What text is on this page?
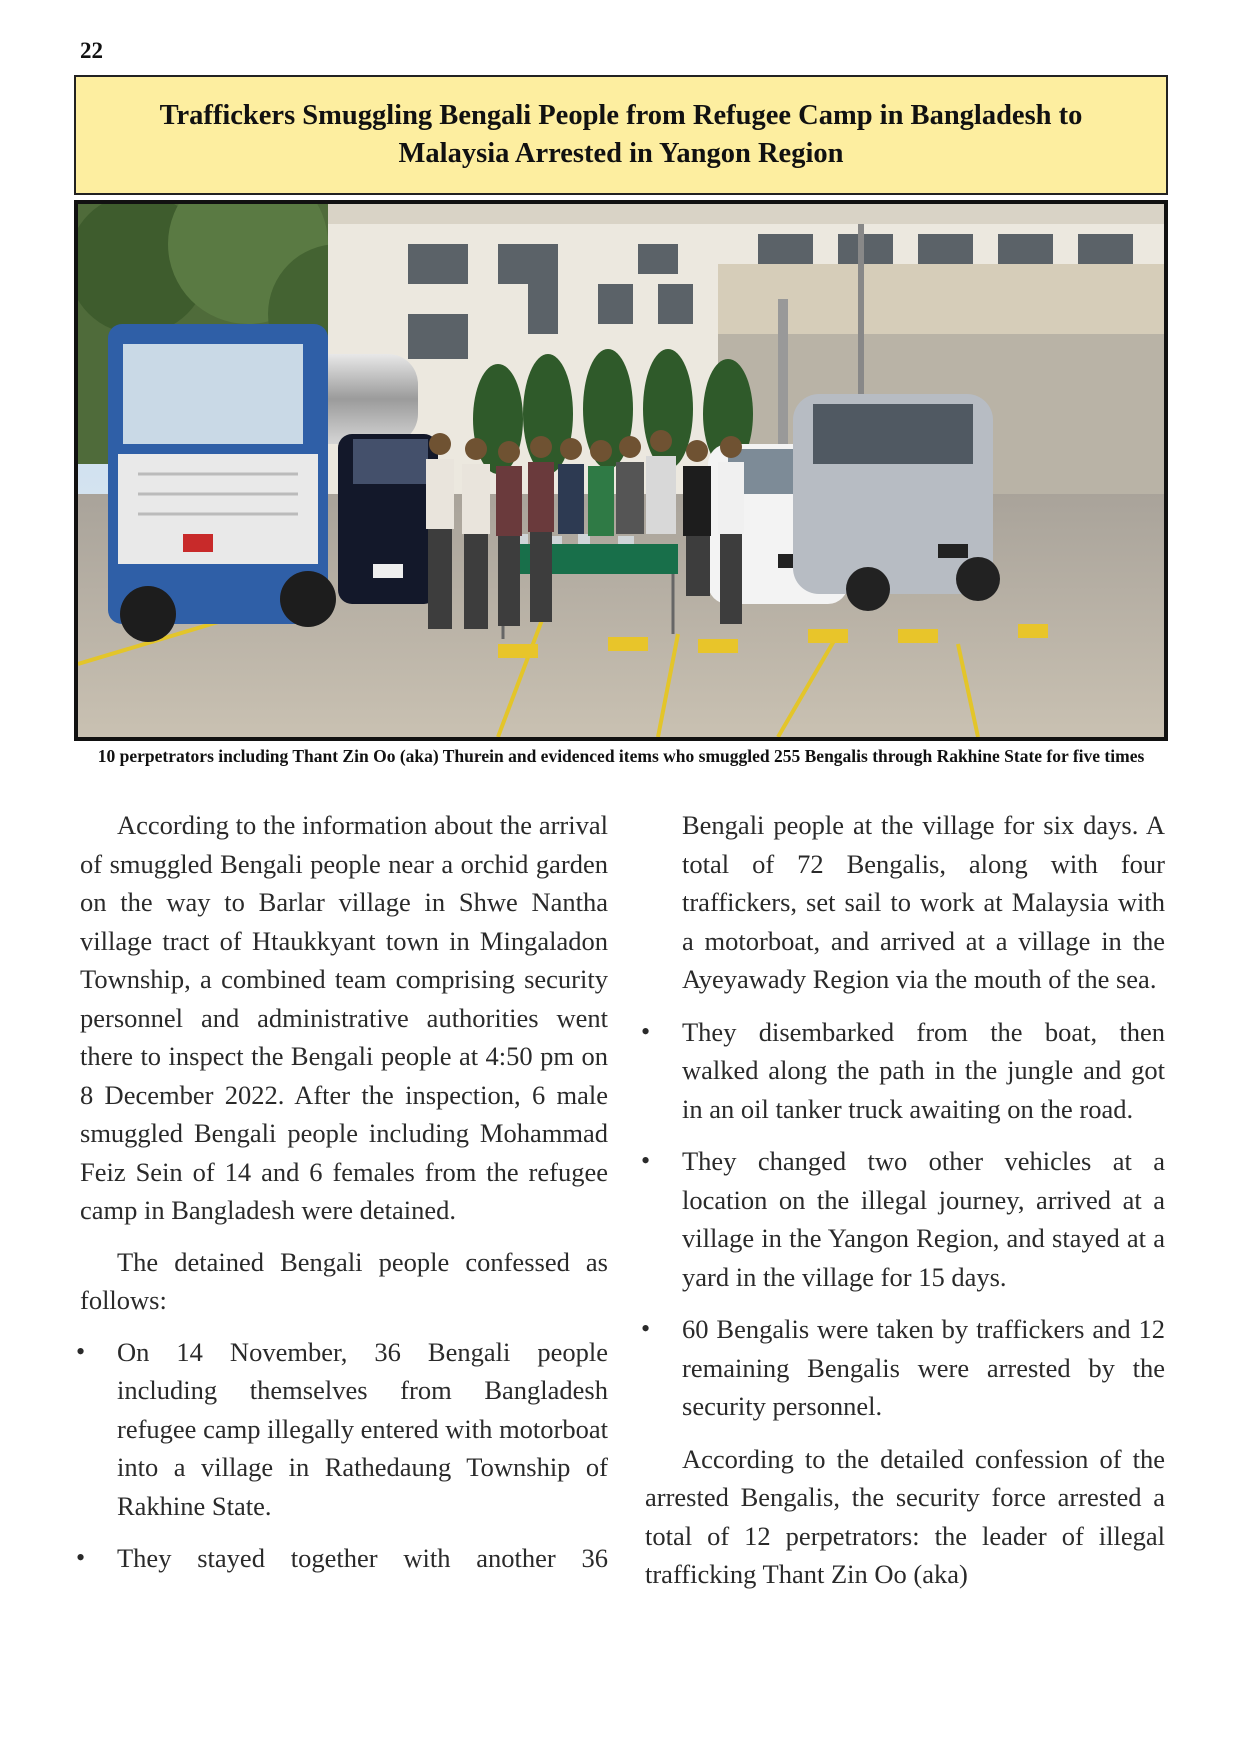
22
Traffickers Smuggling Bengali People from Refugee Camp in Bangladesh to Malaysia Arrested in Yangon Region
10 perpetrators including Thant Zin Oo (aka) Thurein and evidenced items who smuggled 255 Bengalis through Rakhine State for five times

According to the information about the arrival of smuggled Bengali people near a orchid garden on the way to Barlar village in Shwe Nantha village tract of Htaukkyant town in Mingaladon Township, a combined team comprising security personnel and administrative authorities went there to inspect the Bengali people at 4:50 pm on 8 December 2022. After the inspection, 6 male smuggled Bengali people including Mohammad Feiz Sein of 14 and 6 females from the refugee camp in Bangladesh were detained.

The detained Bengali people confessed as follows:

• On 14 November, 36 Bengali people including themselves from Bangladesh refugee camp illegally entered with motorboat into a village in Rathedaung Township of Rakhine State.
• They stayed together with another 36
Bengali people at the village for six days. A total of 72 Bengalis, along with four traffickers, set sail to work at Malaysia with a motorboat, and arrived at a village in the Ayeyawady Region via the mouth of the sea.
• They disembarked from the boat, then walked along the path in the jungle and got in an oil tanker truck awaiting on the road.
• They changed two other vehicles at a location on the illegal journey, arrived at a village in the Yangon Region, and stayed at a yard in the village for 15 days.
• 60 Bengalis were taken by traffickers and 12 remaining Bengalis were arrested by the security personnel.

According to the detailed confession of the arrested Bengalis, the security force arrested a total of 12 perpetrators: the leader of illegal trafficking Thant Zin Oo (aka)
